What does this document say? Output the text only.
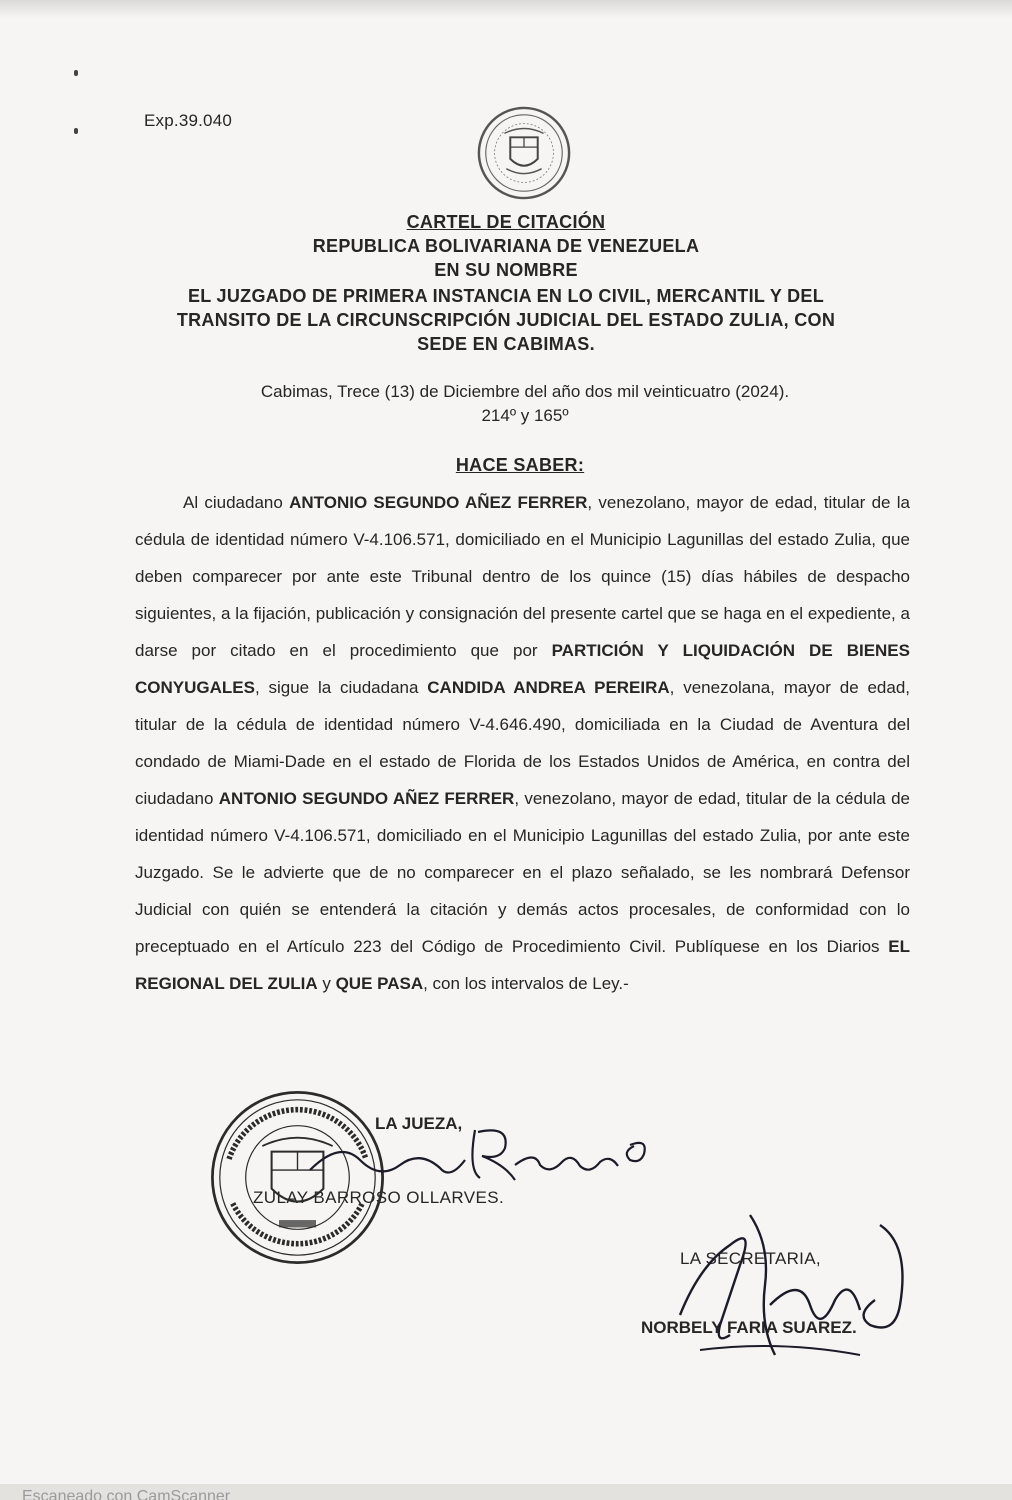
Exp.39.040
CARTEL DE CITACIÓN
REPUBLICA BOLIVARIANA DE VENEZUELA
EN SU NOMBRE
EL JUZGADO DE PRIMERA INSTANCIA EN LO CIVIL, MERCANTIL Y DEL
TRANSITO DE LA CIRCUNSCRIPCIÓN JUDICIAL DEL ESTADO ZULIA, CON
SEDE EN CABIMAS.
Cabimas, Trece (13) de Diciembre del año dos mil veinticuatro (2024).
214º y 165º
HACE SABER:

Al ciudadano ANTONIO SEGUNDO AÑEZ FERRER, venezolano, mayor de edad, titular de la cédula de identidad número V-4.106.571, domiciliado en el Municipio Lagunillas del estado Zulia, que deben comparecer por ante este Tribunal dentro de los quince (15) días hábiles de despacho siguientes, a la fijación, publicación y consignación del presente cartel que se haga en el expediente, a darse por citado en el procedimiento que por PARTICIÓN Y LIQUIDACIÓN DE BIENES CONYUGALES, sigue la ciudadana CANDIDA ANDREA PEREIRA, venezolana, mayor de edad, titular de la cédula de identidad número V-4.646.490, domiciliada en la Ciudad de Aventura del condado de Miami-Dade en el estado de Florida de los Estados Unidos de América, en contra del ciudadano ANTONIO SEGUNDO AÑEZ FERRER, venezolano, mayor de edad, titular de la cédula de identidad número V-4.106.571, domiciliado en el Municipio Lagunillas del estado Zulia, por ante este Juzgado. Se le advierte que de no comparecer en el plazo señalado, se les nombrará Defensor Judicial con quién se entenderá la citación y demás actos procesales, de conformidad con lo preceptuado en el Artículo 223 del Código de Procedimiento Civil. Publíquese en los Diarios EL REGIONAL DEL ZULIA y QUE PASA, con los intervalos de Ley.-

LA JUEZA,
ZULAY BARROSO OLLARVES.
LA SECRETARIA,
NORBELY FARIA SUAREZ.
Escaneado con CamScanner
